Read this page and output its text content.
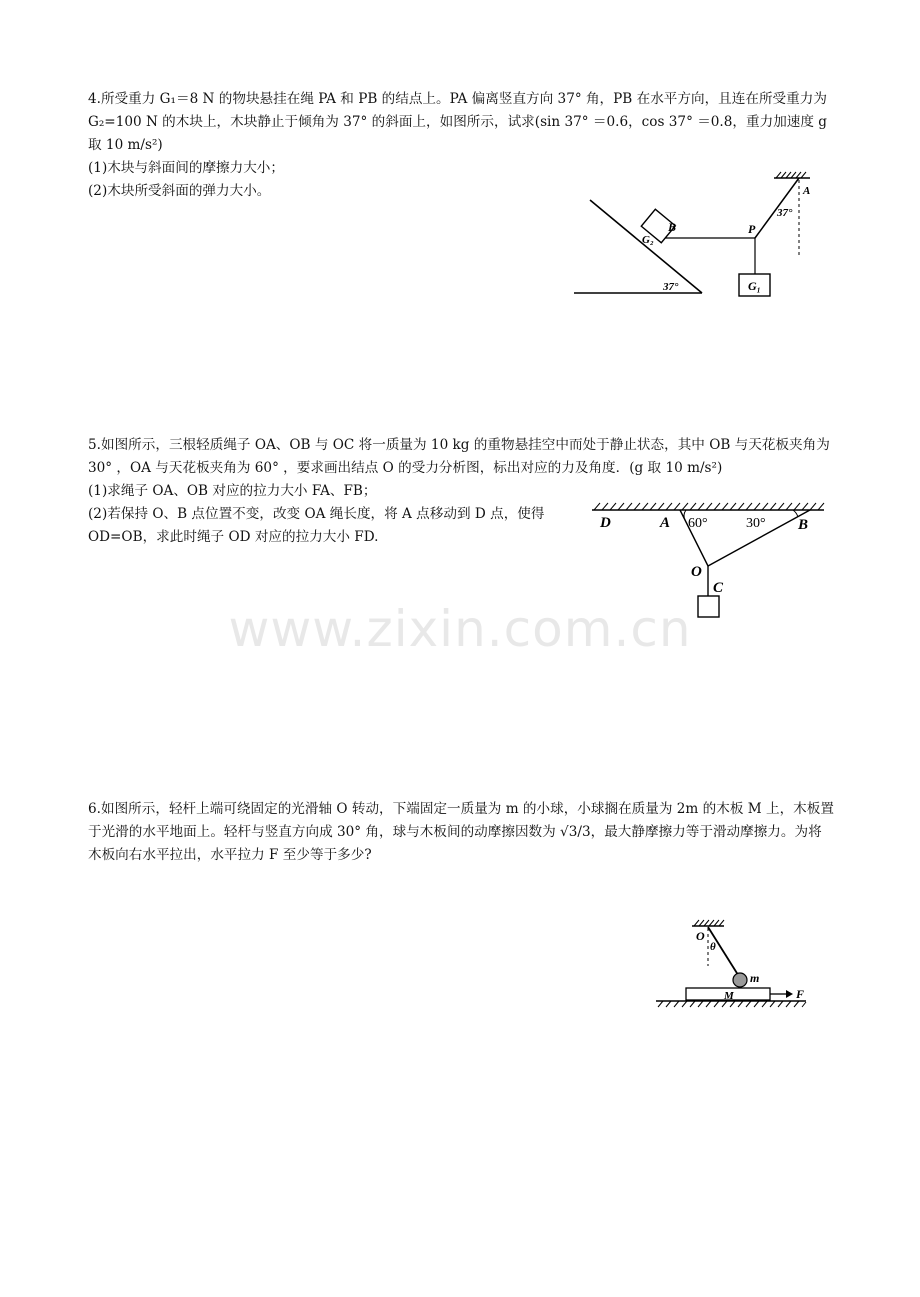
4.所受重力 G₁＝8 N 的物块悬挂在绳 PA 和 PB 的结点上。PA 偏离竖直方向 37° 角，PB 在水平方向，且连在所受重力为 G₂=100 N 的木块上，木块静止于倾角为 37° 的斜面上，如图所示，试求(sin 37° ＝0.6，cos 37° ＝0.8，重力加速度 g 取 10 m/s²)

(1)木块与斜面间的摩擦力大小；
(2)木块所受斜面的弹力大小。
G₁
G₂
B	P
A
37°
37°

5.如图所示，三根轻质绳子 OA、OB 与 OC 将一质量为 10 kg 的重物悬挂空中而处于静止状态，其中 OB 与天花板夹角为 30° ，OA 与天花板夹角为 60° ，要求画出结点 O 的受力分析图，标出对应的力及角度．(g 取 10 m/s²)

(1)求绳子 OA、OB 对应的拉力大小 FA、FB；
(2)若保持 O、B 点位置不变，改变 OA 绳长度，将 A 点移动到 D 点，使得 OD=OB，求此时绳子 OD 对应的拉力大小 FD.
D	A 60°	30° B
O
C

6.如图所示，轻杆上端可绕固定的光滑轴 O 转动，下端固定一质量为 m 的小球，小球搁在质量为 2m 的木板 M 上，木板置于光滑的水平地面上。轻杆与竖直方向成 30° 角，球与木板间的动摩擦因数为 √3/3，最大静摩擦力等于滑动摩擦力。为将木板向右水平拉出，水平拉力 F 至少等于多少?

O
θ
m
M	F
www.zixin.com.cn
